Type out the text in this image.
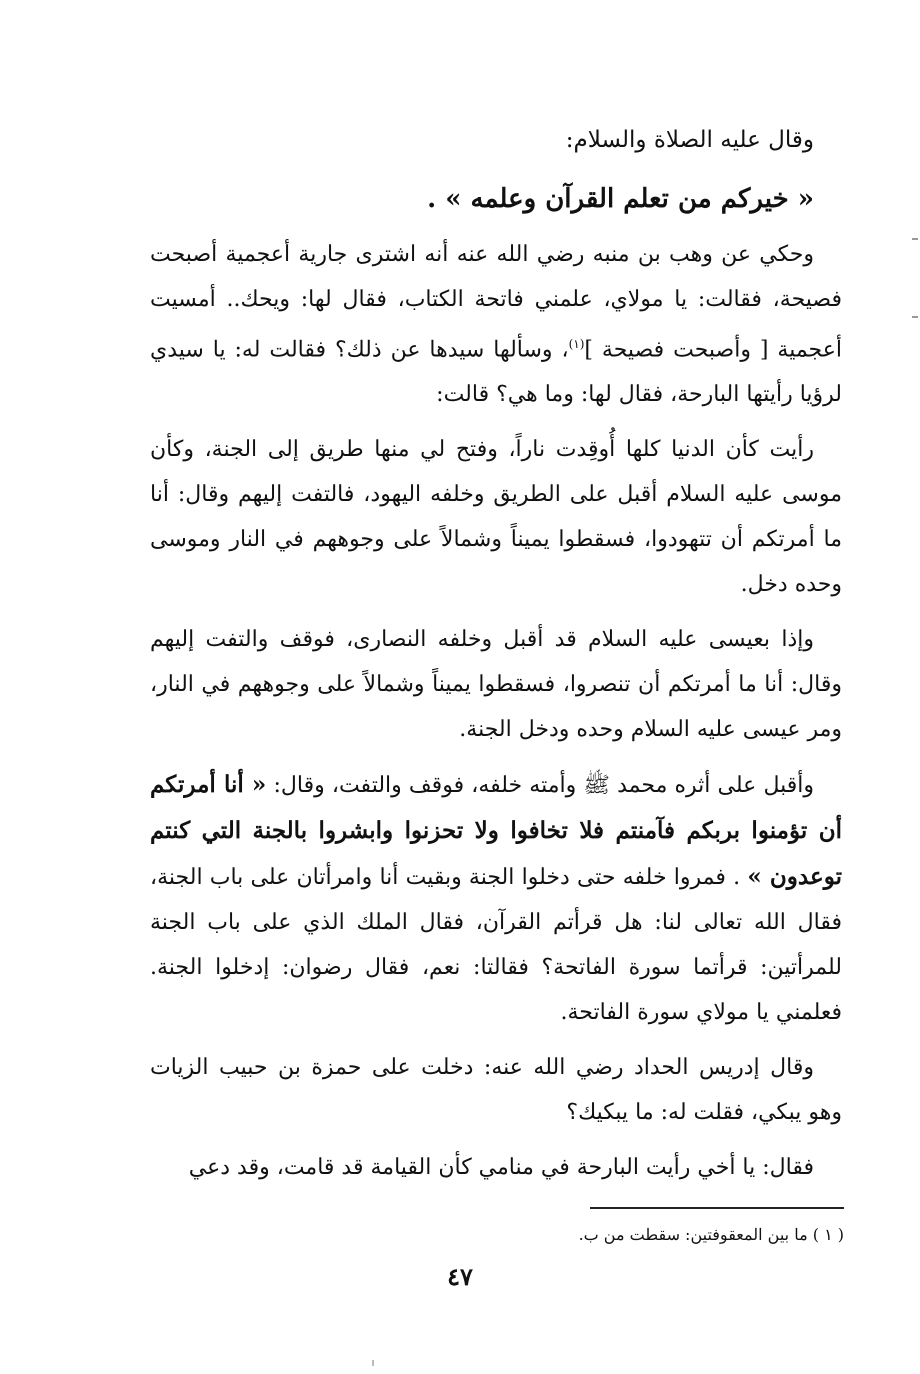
وقال عليه الصلاة والسلام:

« خيركم من تعلم القرآن وعلمه » .

وحكي عن وهب بن منبه رضي الله عنه أنه اشترى جارية أعجمية أصبحت فصيحة، فقالت: يا مولاي، علمني فاتحة الكتاب، فقال لها: ويحك.. أمسيت أعجمية [ وأصبحت فصيحة ]$^{(١)}$، وسألها سيدها عن ذلك؟ فقالت له: يا سيدي لرؤيا رأيتها البارحة، فقال لها: وما هي؟ قالت:

رأيت كأن الدنيا كلها أُوقِدت ناراً، وفتح لي منها طريق إلى الجنة، وكأن موسى عليه السلام أقبل على الطريق وخلفه اليهود، فالتفت إليهم وقال: أنا ما أمرتكم أن تتهودوا، فسقطوا يميناً وشمالاً على وجوههم في النار وموسى وحده دخل.

وإذا بعيسى عليه السلام قد أقبل وخلفه النصارى، فوقف والتفت إليهم وقال: أنا ما أمرتكم أن تنصروا، فسقطوا يميناً وشمالاً على وجوههم في النار، ومر عيسى عليه السلام وحده ودخل الجنة.

وأقبل على أثره محمد ﷺ وأمته خلفه، فوقف والتفت، وقال: « أنا أمرتكم أن تؤمنوا بربكم فآمنتم فلا تخافوا ولا تحزنوا وابشروا بالجنة التي كنتم توعدون » . فمروا خلفه حتى دخلوا الجنة وبقيت أنا وامرأتان على باب الجنة، فقال الله تعالى لنا: هل قرأتم القرآن، فقال الملك الذي على باب الجنة للمرأتين: قرأتما سورة الفاتحة؟ فقالتا: نعم، فقال رضوان: إدخلوا الجنة. فعلمني يا مولاي سورة الفاتحة.

وقال إدريس الحداد رضي الله عنه: دخلت على حمزة بن حبيب الزيات وهو يبكي، فقلت له: ما يبكيك؟

فقال: يا أخي رأيت البارحة في منامي كأن القيامة قد قامت، وقد دعي

( ١ ) ما بين المعقوفتين: سقطت من ب.
٤٧
